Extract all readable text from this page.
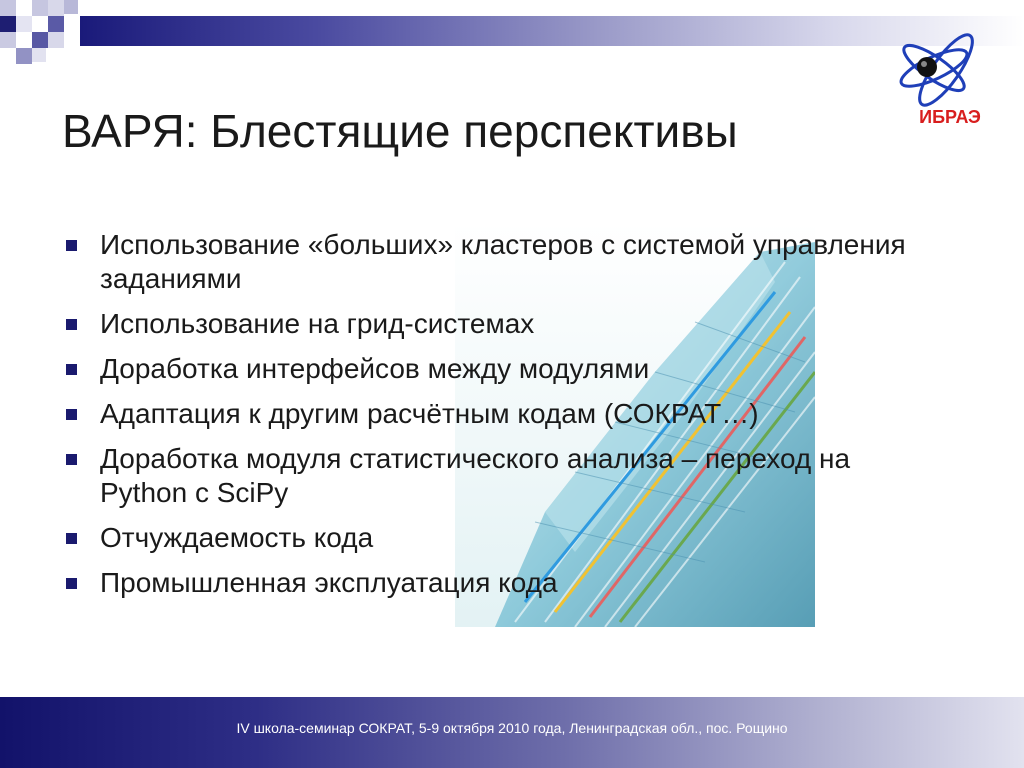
ИБРАЭ
ВАРЯ: Блестящие перспективы
Использование «больших» кластеров с системой управления заданиями
Использование на грид-системах
Доработка интерфейсов между модулями
Адаптация к другим расчётным кодам (СОКРАТ…)
Доработка модуля статистического анализа – переход на Python с SciPy
Отчуждаемость кода
Промышленная эксплуатация кода
IV школа-семинар СОКРАТ, 5-9 октября 2010 года, Ленинградская обл., пос. Рощино
